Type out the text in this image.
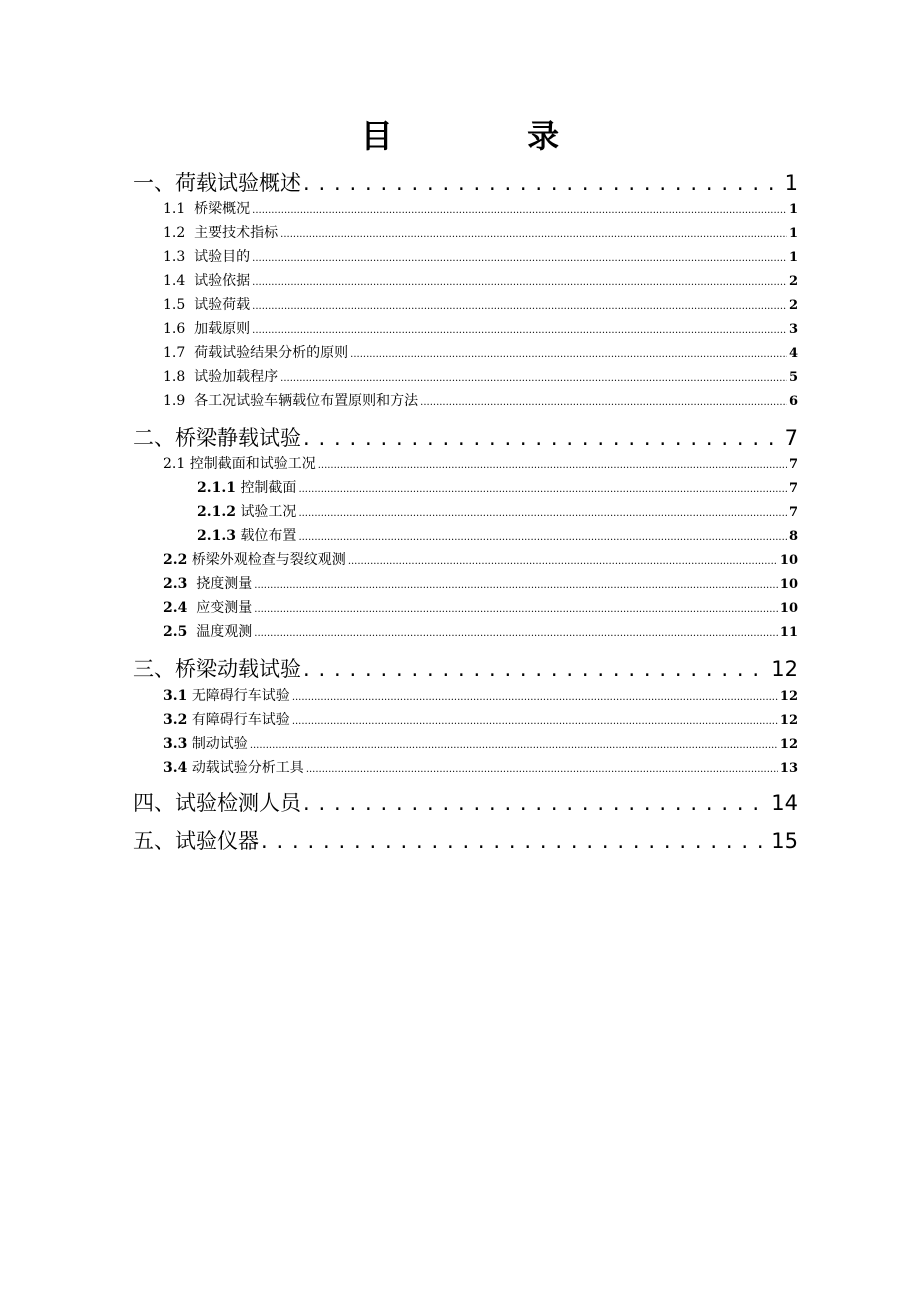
目　录
一、荷载试验概述 .....	1
1.1 桥梁概况 .....	1
1.2 主要技术指标 .....	1
1.3 试验目的 .....	1
1.4 试验依据 .....	2
1.5 试验荷载 .....	2
1.6 加载原则 .....	3
1.7 荷载试验结果分析的原则 .....	4
1.8 试验加载程序 .....	5
1.9 各工况试验车辆载位布置原则和方法 .....	6
二、桥梁静载试验 .....	7
2.1 控制截面和试验工况 .....	7
2.1.1 控制截面 .....	7
2.1.2 试验工况 .....	7
2.1.3 载位布置 .....	8
2.2 桥梁外观检查与裂纹观测 .....	10
2.3 挠度测量 .....	10
2.4 应变测量 .....	10
2.5 温度观测 .....	11
三、桥梁动载试验 .....	12
3.1 无障碍行车试验 .....	12
3.2 有障碍行车试验 .....	12
3.3 制动试验 .....	12
3.4 动载试验分析工具 .....	13
四、试验检测人员 .....	14
五、试验仪器 .....	15
